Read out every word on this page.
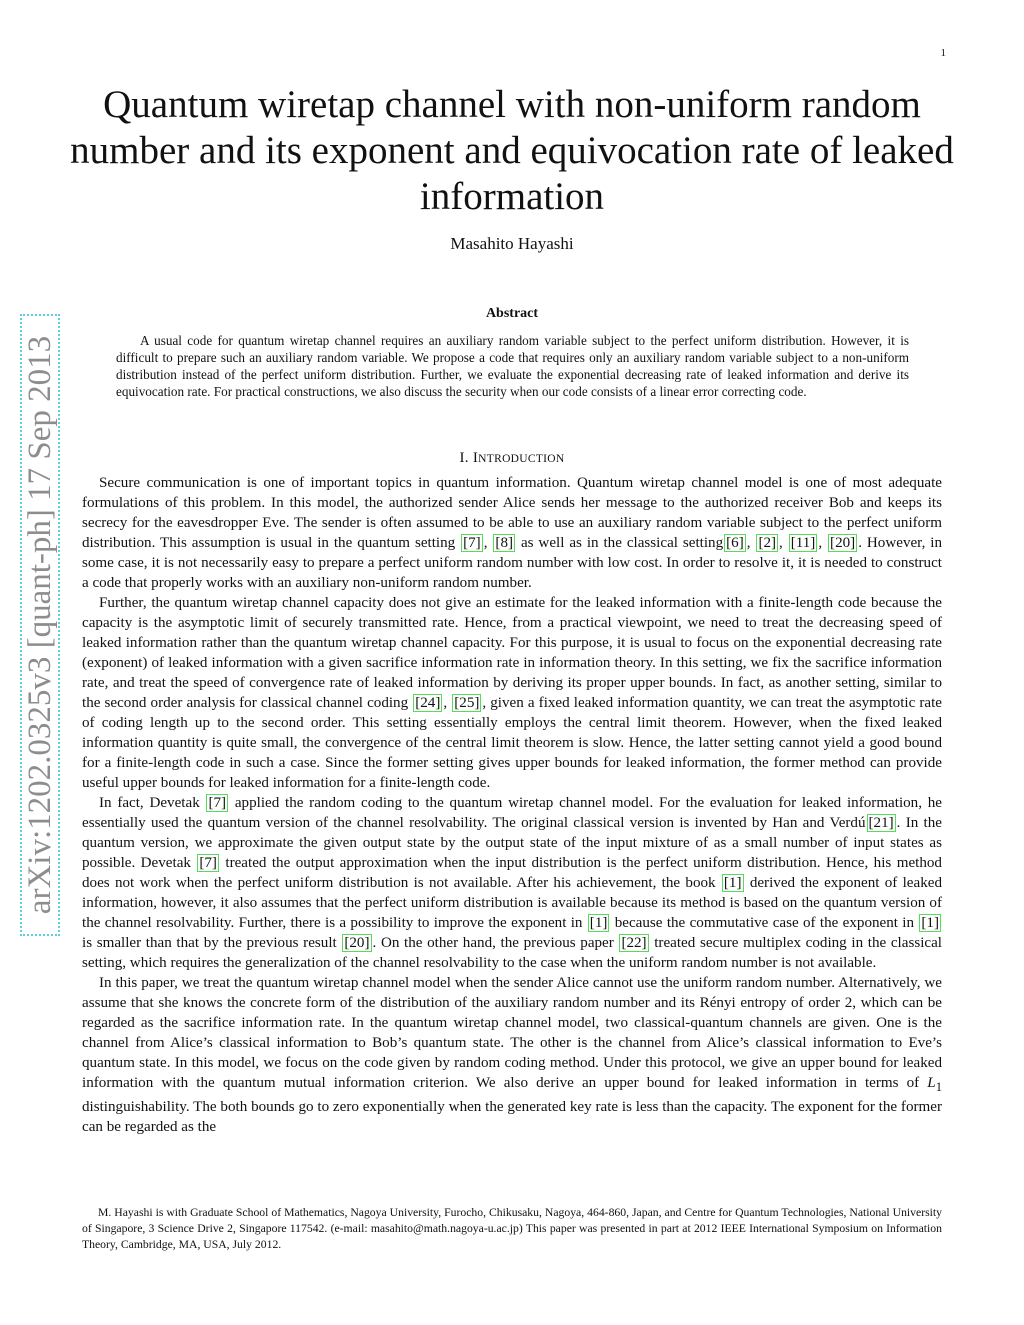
1
Quantum wiretap channel with non-uniform random number and its exponent and equivocation rate of leaked information
Masahito Hayashi
arXiv:1202.0325v3 [quant-ph] 17 Sep 2013
Abstract

A usual code for quantum wiretap channel requires an auxiliary random variable subject to the perfect uniform distribution. However, it is difficult to prepare such an auxiliary random variable. We propose a code that requires only an auxiliary random variable subject to a non-uniform distribution instead of the perfect uniform distribution. Further, we evaluate the exponential decreasing rate of leaked information and derive its equivocation rate. For practical constructions, we also discuss the security when our code consists of a linear error correcting code.

I. INTRODUCTION

Secure communication is one of important topics in quantum information. Quantum wiretap channel model is one of most adequate formulations of this problem. In this model, the authorized sender Alice sends her message to the authorized receiver Bob and keeps its secrecy for the eavesdropper Eve. The sender is often assumed to be able to use an auxiliary random variable subject to the perfect uniform distribution. This assumption is usual in the quantum setting [7] , [8] as well as in the classical setting [6] , [2] , [11] , [20] . However, in some case, it is not necessarily easy to prepare a perfect uniform random number with low cost. In order to resolve it, it is needed to construct a code that properly works with an auxiliary non-uniform random number.

Further, the quantum wiretap channel capacity does not give an estimate for the leaked information with a finite-length code because the capacity is the asymptotic limit of securely transmitted rate. Hence, from a practical viewpoint, we need to treat the decreasing speed of leaked information rather than the quantum wiretap channel capacity. For this purpose, it is usual to focus on the exponential decreasing rate (exponent) of leaked information with a given sacrifice information rate in information theory. In this setting, we fix the sacrifice information rate, and treat the speed of convergence rate of leaked information by deriving its proper upper bounds. In fact, as another setting, similar to the second order analysis for classical channel coding [24] , [25] , given a fixed leaked information quantity, we can treat the asymptotic rate of coding length up to the second order. This setting essentially employs the central limit theorem. However, when the fixed leaked information quantity is quite small, the convergence of the central limit theorem is slow. Hence, the latter setting cannot yield a good bound for a finite-length code in such a case. Since the former setting gives upper bounds for leaked information, the former method can provide useful upper bounds for leaked information for a finite-length code.

In fact, Devetak [7] applied the random coding to the quantum wiretap channel model. For the evaluation for leaked information, he essentially used the quantum version of the channel resolvability. The original classical version is invented by Han and Verdú [21] . In the quantum version, we approximate the given output state by the output state of the input mixture of as a small number of input states as possible. Devetak [7] treated the output approximation when the input distribution is the perfect uniform distribution. Hence, his method does not work when the perfect uniform distribution is not available. After his achievement, the book [1] derived the exponent of leaked information, however, it also assumes that the perfect uniform distribution is available because its method is based on the quantum version of the channel resolvability. Further, there is a possibility to improve the exponent in [1] because the commutative case of the exponent in [1] is smaller than that by the previous result [20] . On the other hand, the previous paper [22] treated secure multiplex coding in the classical setting, which requires the generalization of the channel resolvability to the case when the uniform random number is not available.

In this paper, we treat the quantum wiretap channel model when the sender Alice cannot use the uniform random number. Alternatively, we assume that she knows the concrete form of the distribution of the auxiliary random number and its Rényi entropy of order 2, which can be regarded as the sacrifice information rate. In the quantum wiretap channel model, two classical-quantum channels are given. One is the channel from Alice’s classical information to Bob’s quantum state. The other is the channel from Alice’s classical information to Eve’s quantum state. In this model, we focus on the code given by random coding method. Under this protocol, we give an upper bound for leaked information with the quantum mutual information criterion. We also derive an upper bound for leaked information in terms of $L_1$ distinguishability. The both bounds go to zero exponentially when the generated key rate is less than the capacity. The exponent for the former can be regarded as the

M. Hayashi is with Graduate School of Mathematics, Nagoya University, Furocho, Chikusaku, Nagoya, 464-860, Japan, and Centre for Quantum Technologies, National University of Singapore, 3 Science Drive 2, Singapore 117542. (e-mail: masahito@math.nagoya-u.ac.jp) This paper was presented in part at 2012 IEEE International Symposium on Information Theory, Cambridge, MA, USA, July 2012.
